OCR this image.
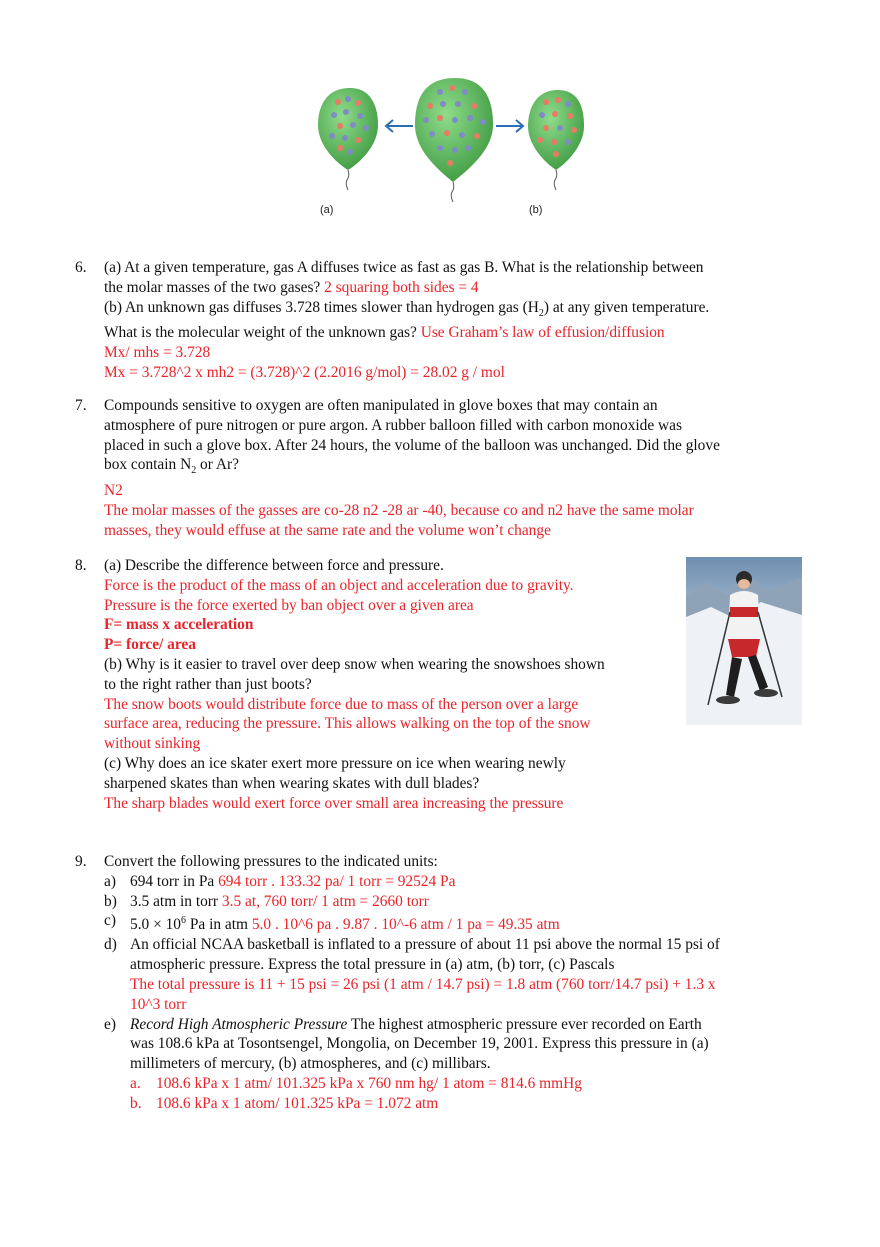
(a)	(b)
6. (a) At a given temperature, gas A diffuses twice as fast as gas B. What is the relationship between
the molar masses of the two gases? 2 squaring both sides = 4
(b) An unknown gas diffuses 3.728 times slower than hydrogen gas $(H_2)$ at any given temperature.
What is the molecular weight of the unknown gas? Use Graham’s law of effusion/diffusion
Mx/ mhs = 3.728
Mx = 3.728^2 x mh2 = (3.728)^2 (2.2016 g/mol) = 28.02 g / mol
7. Compounds sensitive to oxygen are often manipulated in glove boxes that may contain an
atmosphere of pure nitrogen or pure argon. A rubber balloon filled with carbon monoxide was
placed in such a glove box. After 24 hours, the volume of the balloon was unchanged. Did the glove
box contain $N_2$ or Ar?
N2
The molar masses of the gasses are co-28 n2 -28 ar -40, because co and n2 have the same molar
masses, they would effuse at the same rate and the volume won’t change
8. (a) Describe the difference between force and pressure.
Force is the product of the mass of an object and acceleration due to gravity.
Pressure is the force exerted by ban object over a given area
F= mass x acceleration
P= force/ area
(b) Why is it easier to travel over deep snow when wearing the snowshoes shown
to the right rather than just boots?
The snow boots would distribute force due to mass of the person over a large
surface area, reducing the pressure. This allows walking on the top of the snow
without sinking
(c) Why does an ice skater exert more pressure on ice when wearing newly
sharpened skates than when wearing skates with dull blades?
The sharp blades would exert force over small area increasing the pressure
9. Convert the following pressures to the indicated units:
a) 694 torr in Pa 694 torr . 133.32 pa/ 1 torr = 92524 Pa
b) 3.5 atm in torr 3.5 at, 760 torr/ 1 atm = 2660 torr
c) $5.0 \times 10^6$ Pa in atm 5.0 . 10^6 pa . 9.87 . 10^-6 atm / 1 pa = 49.35 atm
d) An official NCAA basketball is inflated to a pressure of about 11 psi above the normal 15 psi of
atmospheric pressure. Express the total pressure in (a) atm, (b) torr, (c) Pascals
The total pressure is 11 + 15 psi = 26 psi (1 atm / 14.7 psi) = 1.8 atm (760 torr/14.7 psi) + 1.3 x
10^3 torr
e) Record High Atmospheric Pressure The highest atmospheric pressure ever recorded on Earth
was 108.6 kPa at Tosontsengel, Mongolia, on December 19, 2001. Express this pressure in (a)
millimeters of mercury, (b) atmospheres, and (c) millibars.
a. 108.6 kPa x 1 atm/ 101.325 kPa x 760 nm hg/ 1 atom = 814.6 mmHg
b. 108.6 kPa x 1 atom/ 101.325 kPa = 1.072 atm
